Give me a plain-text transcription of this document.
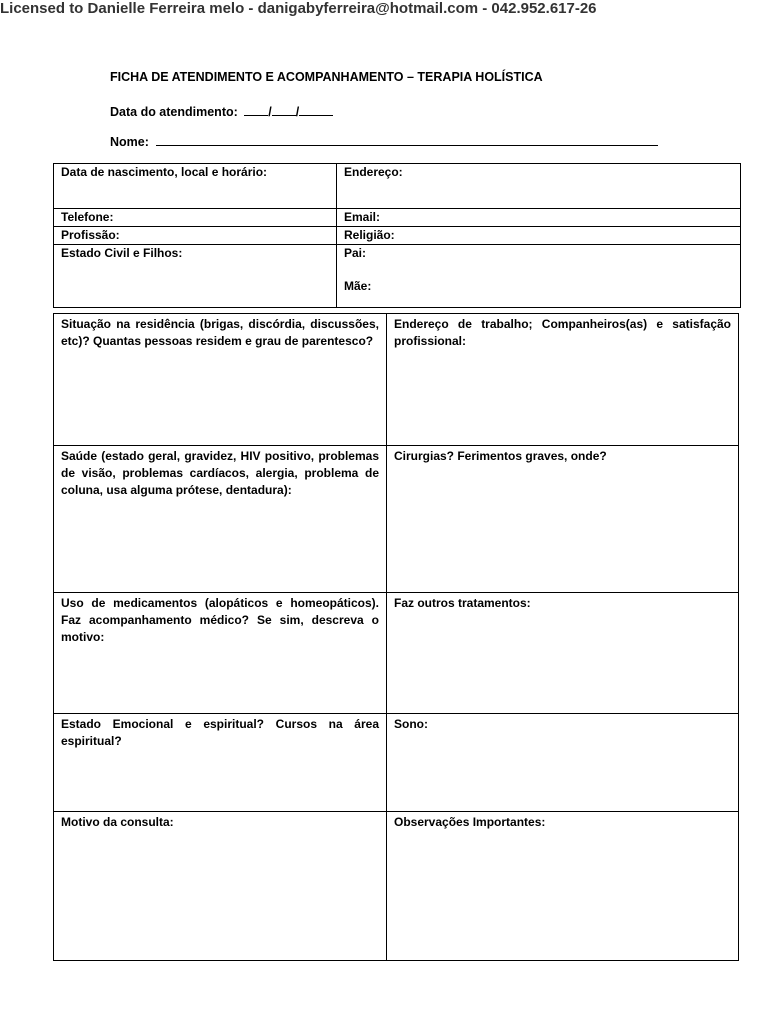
Licensed to Danielle Ferreira melo - danigabyferreira@hotmail.com - 042.952.617-26
FICHA DE ATENDIMENTO E ACOMPANHAMENTO – TERAPIA HOLÍSTICA
Data do atendimento: / /
Nome:
Data de nascimento, local e horário:	Endereço:
Telefone:	Email:
Profissão:	Religião:
Estado Civil e Filhos:	Pai:

Mãe:

Situação na residência (brigas, discórdia, discussões, etc)? Quantas pessoas residem e grau de parentesco?	Endereço de trabalho; Companheiros(as) e satisfação profissional:
Saúde (estado geral, gravidez, HIV positivo, problemas de visão, problemas cardíacos, alergia, problema de coluna, usa alguma prótese, dentadura):	Cirurgias? Ferimentos graves, onde?
Uso de medicamentos (alopáticos e homeopáticos). Faz acompanhamento médico? Se sim, descreva o motivo:	Faz outros tratamentos:
Estado Emocional e espiritual? Cursos na área espiritual?	Sono:
Motivo da consulta:	Observações Importantes:
